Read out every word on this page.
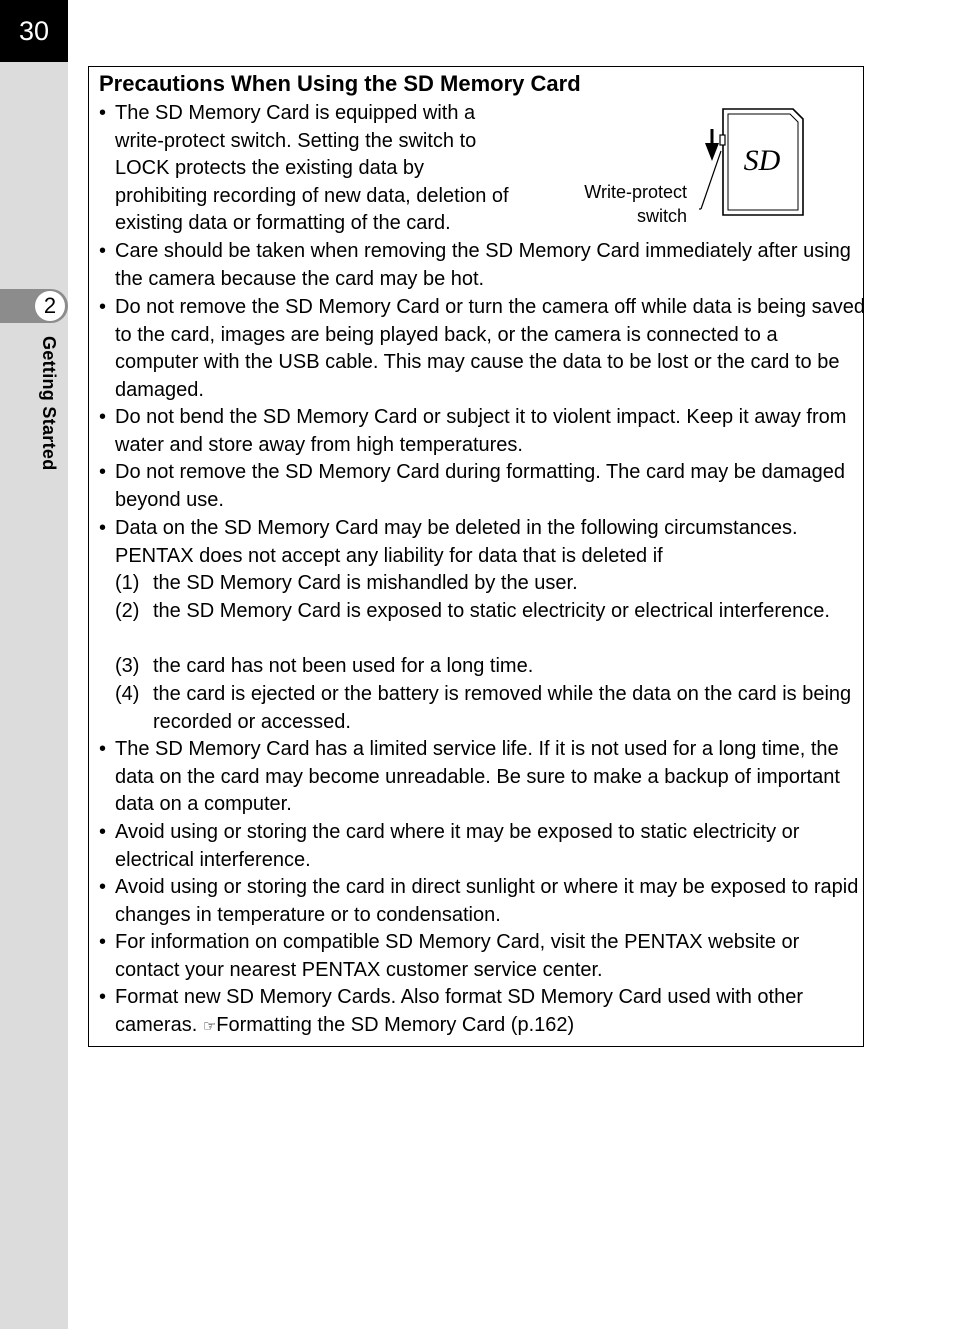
30
2
Getting Started
Precautions When Using the SD Memory Card
SD
Write-protect
switch
• The SD Memory Card is equipped with a write-protect switch. Setting the switch to LOCK protects the existing data by prohibiting recording of new data, deletion of existing data or formatting of the card.
• Care should be taken when removing the SD Memory Card immediately after using the camera because the card may be hot.
• Do not remove the SD Memory Card or turn the camera off while data is being saved to the card, images are being played back, or the camera is connected to a computer with the USB cable. This may cause the data to be lost or the card to be damaged.
• Do not bend the SD Memory Card or subject it to violent impact. Keep it away from water and store away from high temperatures.
• Do not remove the SD Memory Card during formatting. The card may be damaged beyond use.
• Data on the SD Memory Card may be deleted in the following circumstances. PENTAX does not accept any liability for data that is deleted if
(1) the SD Memory Card is mishandled by the user.
(2) the SD Memory Card is exposed to static electricity or electrical interference.
(3) the card has not been used for a long time.
(4) the card is ejected or the battery is removed while the data on the card is being recorded or accessed.
• The SD Memory Card has a limited service life. If it is not used for a long time, the data on the card may become unreadable. Be sure to make a backup of important data on a computer.
• Avoid using or storing the card where it may be exposed to static electricity or electrical interference.
• Avoid using or storing the card in direct sunlight or where it may be exposed to rapid changes in temperature or to condensation.
• For information on compatible SD Memory Card, visit the PENTAX website or contact your nearest PENTAX customer service center.
• Format new SD Memory Cards. Also format SD Memory Card used with other cameras. ☞Formatting the SD Memory Card (p.162)
